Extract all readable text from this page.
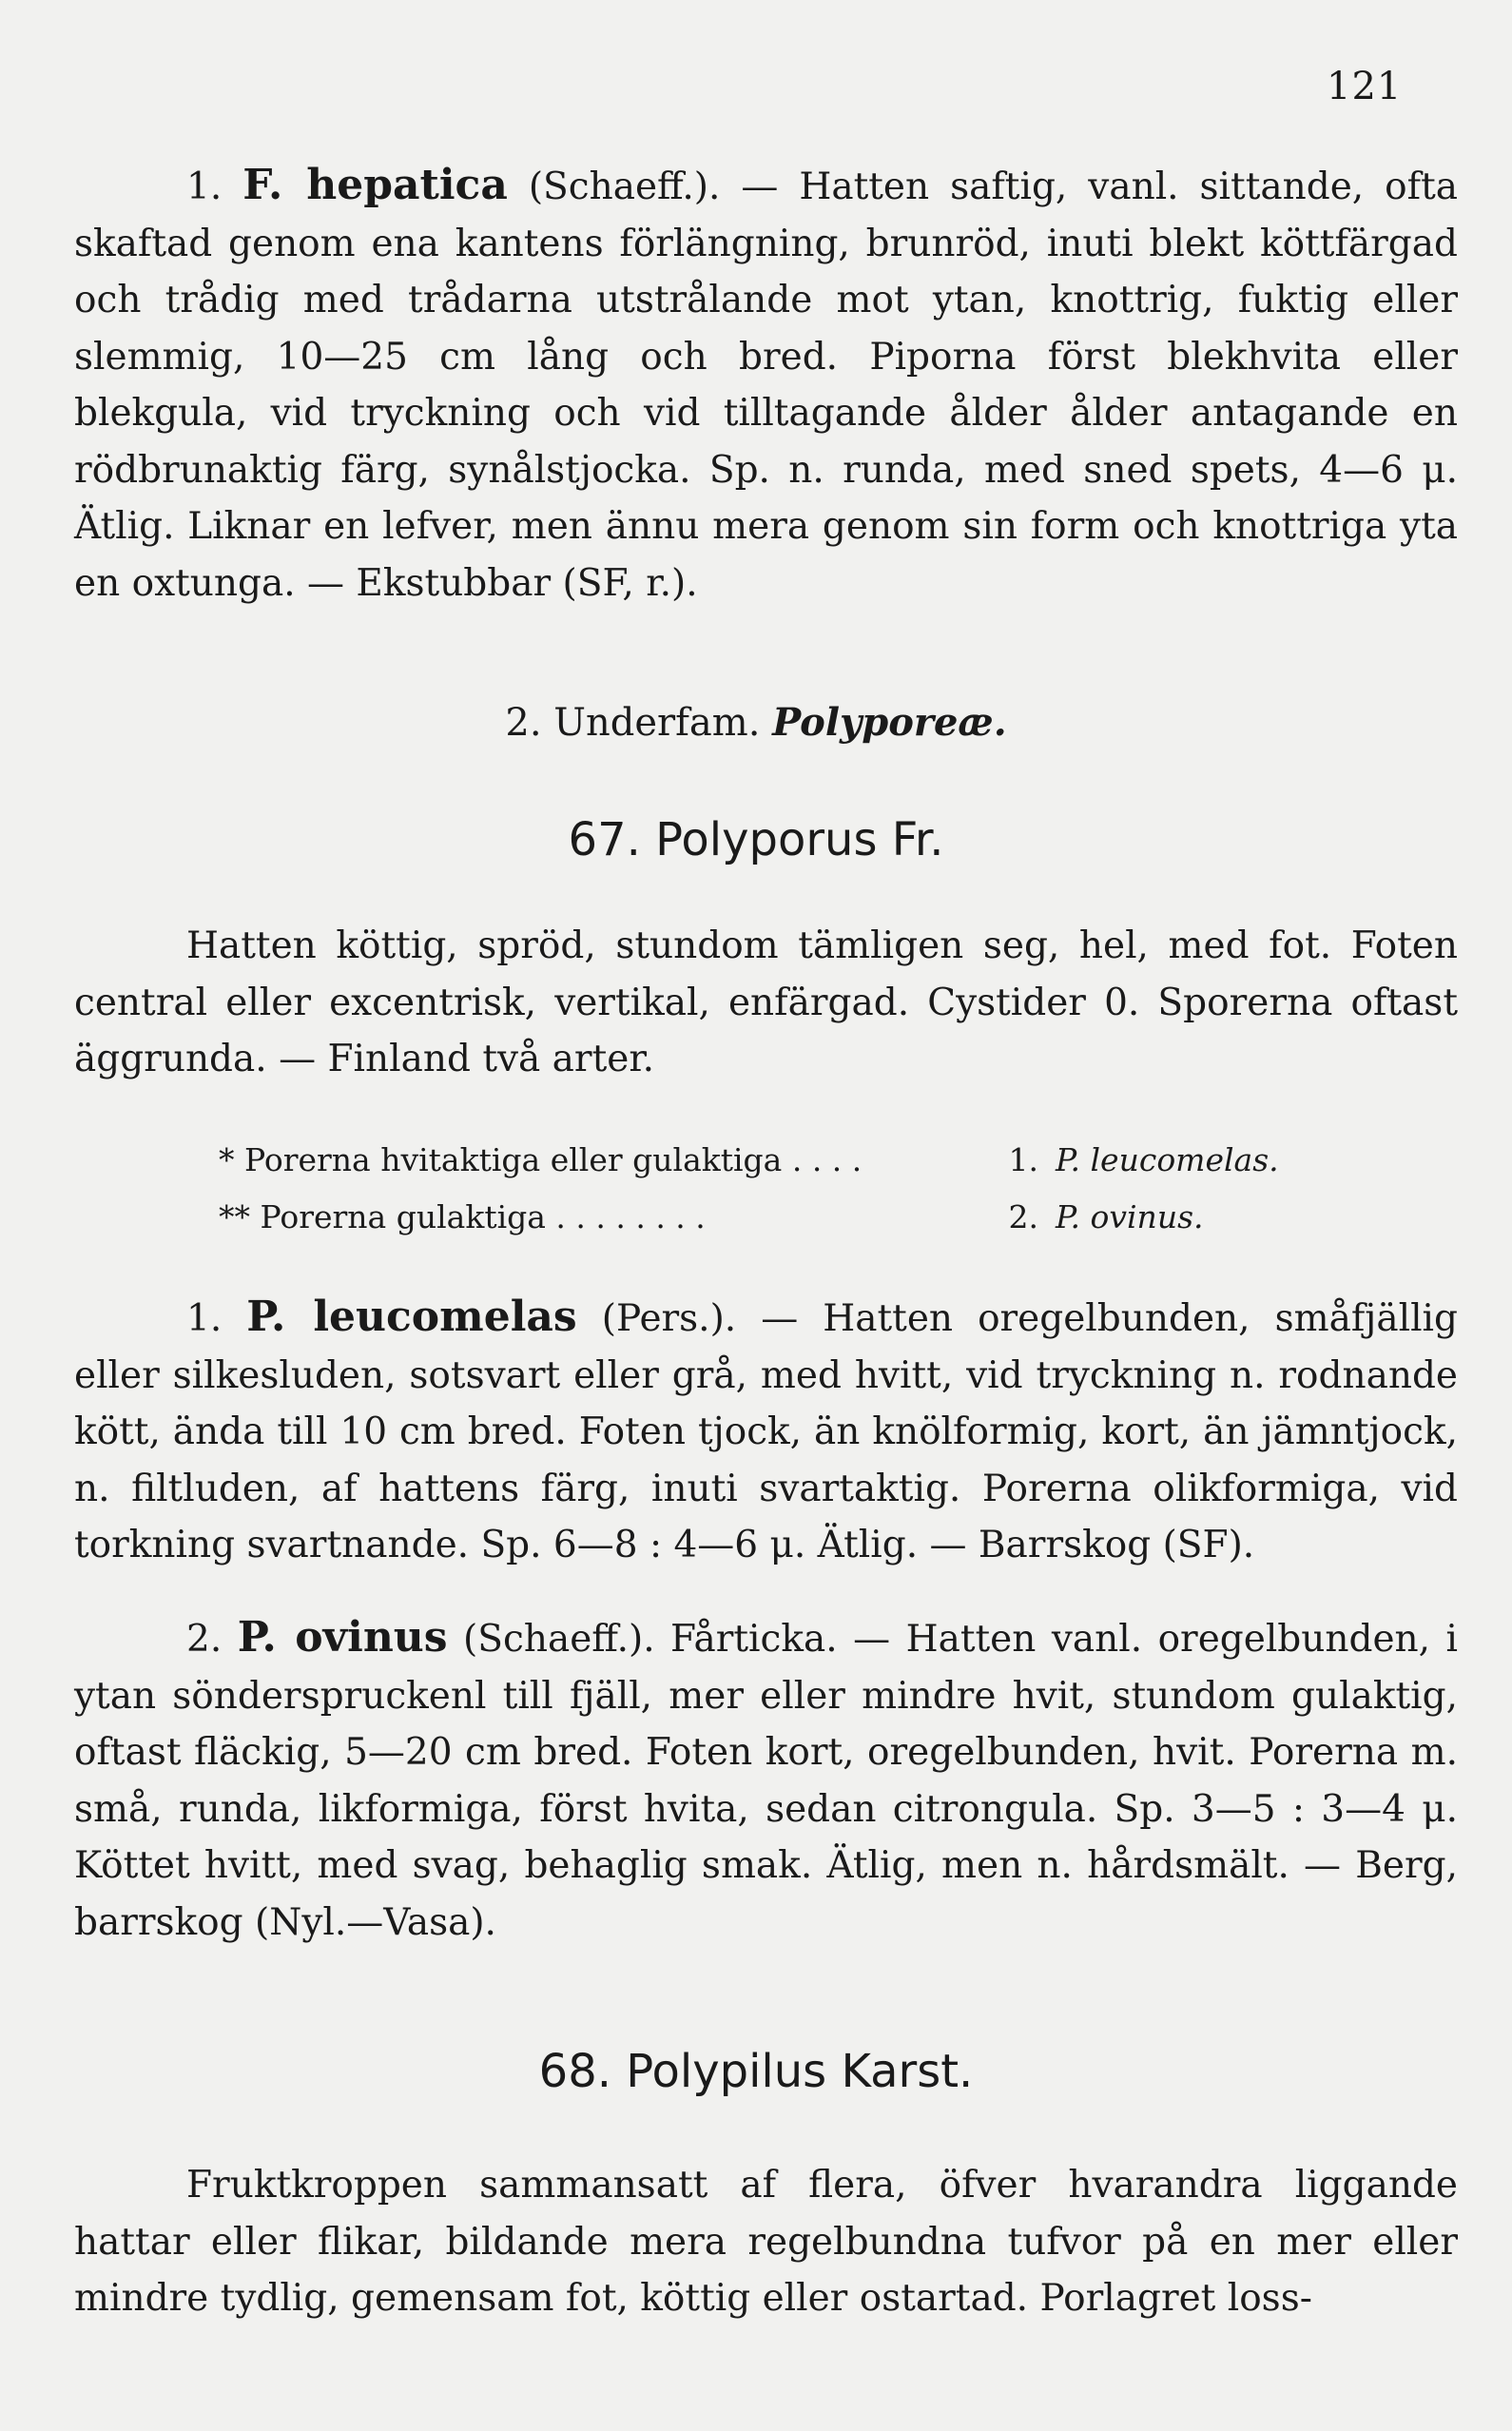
121

1. F. hepatica (Schaeff.). — Hatten saftig, vanl. sittande, ofta skaftad genom ena kantens förlängning, brunröd, inuti blekt köttfärgad och trådig med trådarna utstrålande mot ytan, knottrig, fuktig eller slemmig, 10—25 cm lång och bred. Piporna först blekhvita eller blekgula, vid tryckning och vid tilltagande ålder ålder antagande en rödbrunaktig färg, synålstjocka. Sp. n. runda, med sned spets, 4—6 μ. Ätlig. Liknar en lefver, men ännu mera genom sin form och knottriga yta en oxtunga. — Ekstubbar (SF, r.).

2. Underfam. Polyporeæ.
67. Polyporus Fr.

Hatten köttig, spröd, stundom tämligen seg, hel, med fot. Foten central eller excentrisk, vertikal, enfärgad. Cystider 0. Sporerna oftast äggrunda. — Finland två arter.

* Porerna hvitaktiga eller gulaktiga . . . .	1. P. leucomelas.
** Porerna gulaktiga . . . . . . . .	2. P. ovinus.

1. P. leucomelas (Pers.). — Hatten oregelbunden, småfjällig eller silkesluden, sotsvart eller grå, med hvitt, vid tryckning n. rodnande kött, ända till 10 cm bred. Foten tjock, än knölformig, kort, än jämntjock, n. filtluden, af hattens färg, inuti svartaktig. Porerna olikformiga, vid torkning svartnande. Sp. 6—8 : 4—6 μ. Ätlig. — Barrskog (SF).

2. P. ovinus (Schaeff.). Fårticka. — Hatten vanl. oregelbunden, i ytan sönderspruckenl till fjäll, mer eller mindre hvit, stundom gulaktig, oftast fläckig, 5—20 cm bred. Foten kort, oregelbunden, hvit. Porerna m. små, runda, likformiga, först hvita, sedan citrongula. Sp. 3—5 : 3—4 μ. Köttet hvitt, med svag, behaglig smak. Ätlig, men n. hårdsmält. — Berg, barrskog (Nyl.—Vasa).

68. Polypilus Karst.

Fruktkroppen sammansatt af flera, öfver hvarandra liggande hattar eller flikar, bildande mera regelbundna tufvor på en mer eller mindre tydlig, gemensam fot, köttig eller ostartad. Porlagret loss-
